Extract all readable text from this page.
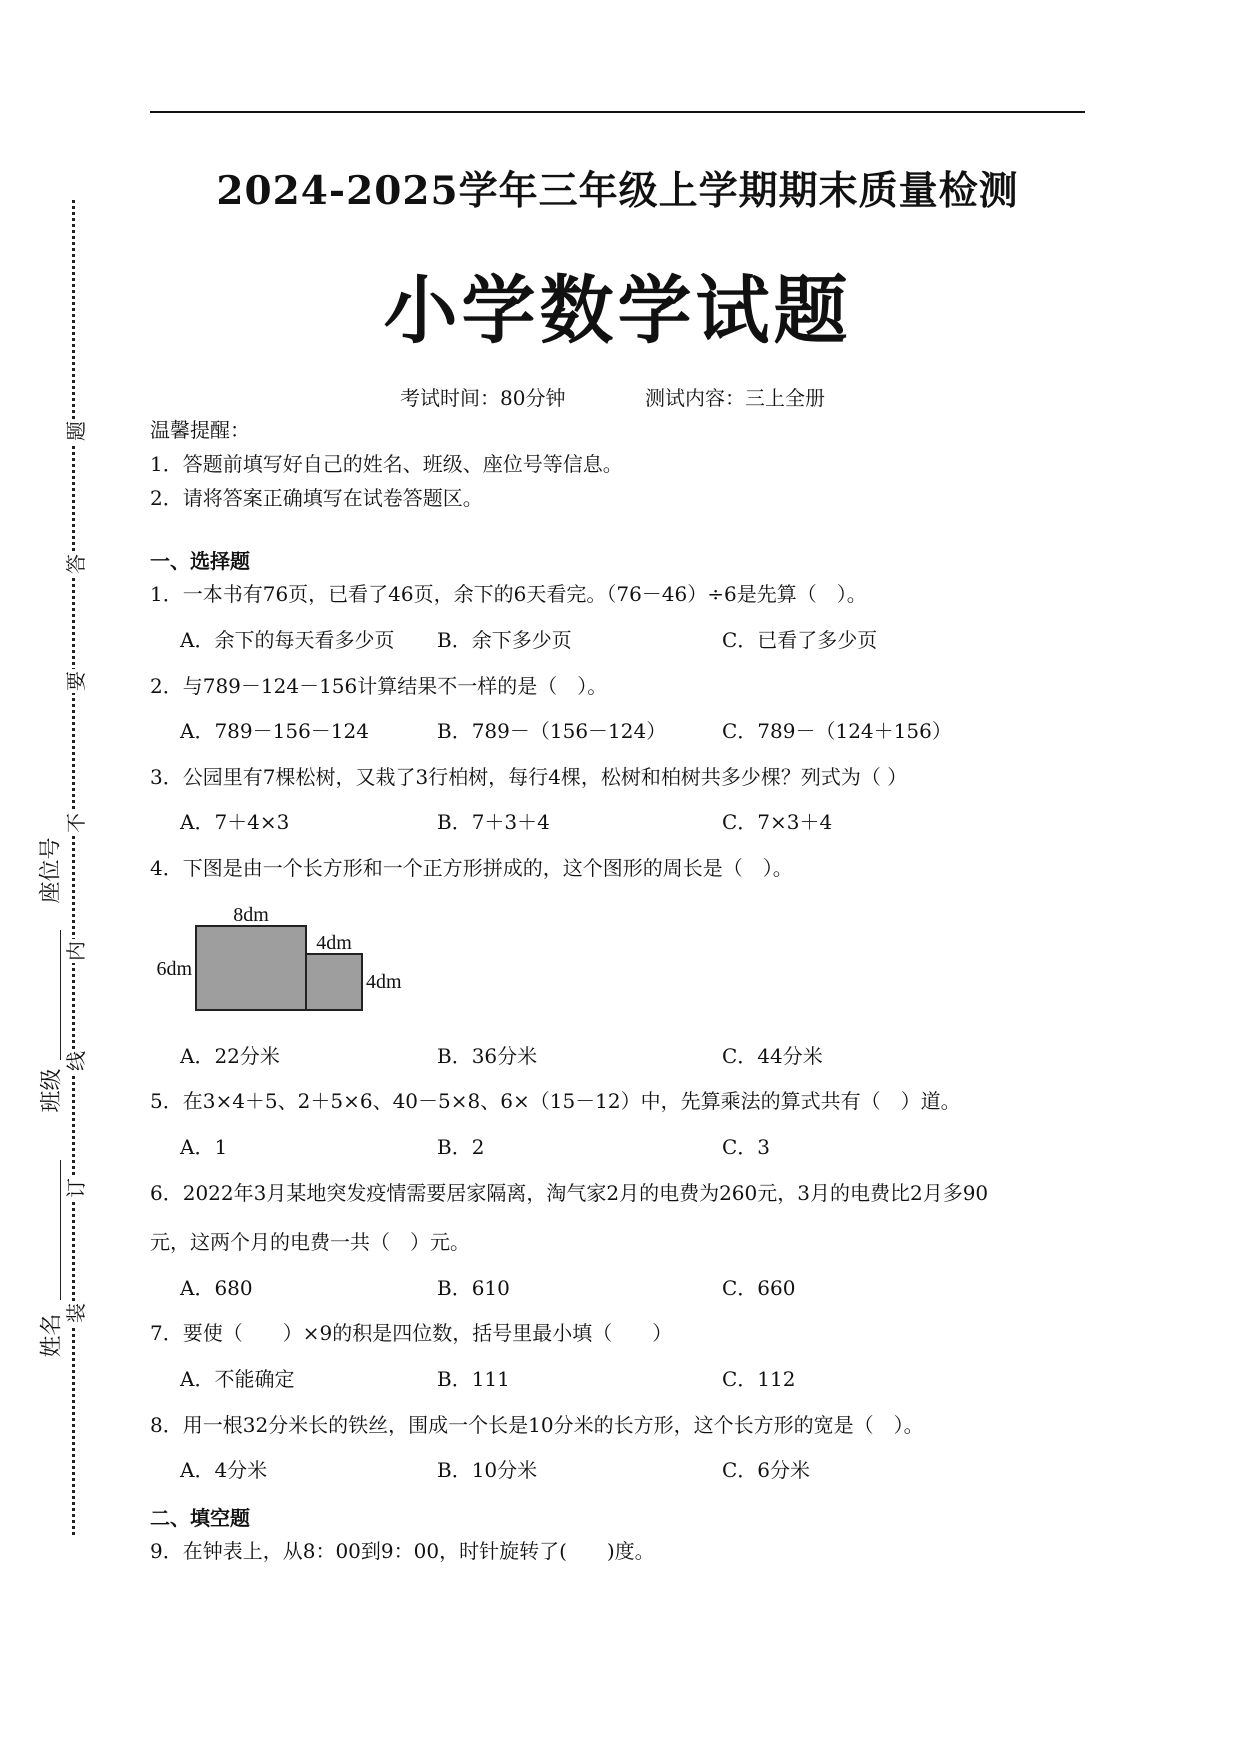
题
答
要
不
内
线
订
装
座位号
班级
姓名
2024-2025学年三年级上学期期末质量检测
小学数学试题
考试时间：80分钟	测试内容：三上全册
温馨提醒：
1．答题前填写好自己的姓名、班级、座位号等信息。
2．请将答案正确填写在试卷答题区。
一、选择题
1．一本书有76页，已看了46页，余下的6天看完。（76－46）÷6是先算（　）。
A．余下的每天看多少页 B．余下多少页	C．已看了多少页
2．与789－124－156计算结果不一样的是（　）。
A．789－156－124	B．789－（156－124）	C．789－（124＋156）
3．公园里有7棵松树，又栽了3行柏树，每行4棵，松树和柏树共多少棵？列式为（ ）
A．7＋4×3	B．7＋3＋4	C．7×3＋4
4．下图是由一个长方形和一个正方形拼成的，这个图形的周长是（　）。
8dm
6dm
4dm
4dm
A．22分米	B．36分米	C．44分米
5．在3×4＋5、2＋5×6、40－5×8、6×（15－12）中，先算乘法的算式共有（　）道。
A．1	B．2	C．3
6．2022年3月某地突发疫情需要居家隔离，淘气家2月的电费为260元，3月的电费比2月多90
元，这两个月的电费一共（　）元。
A．680	B．610	C．660
7．要使（　　）×9的积是四位数，括号里最小填（　　）
A．不能确定	B．111	C．112
8．用一根32分米长的铁丝，围成一个长是10分米的长方形，这个长方形的宽是（　）。
A．4分米	B．10分米	C．6分米
二、填空题
9．在钟表上，从8：00到9：00，时针旋转了(　　)度。
